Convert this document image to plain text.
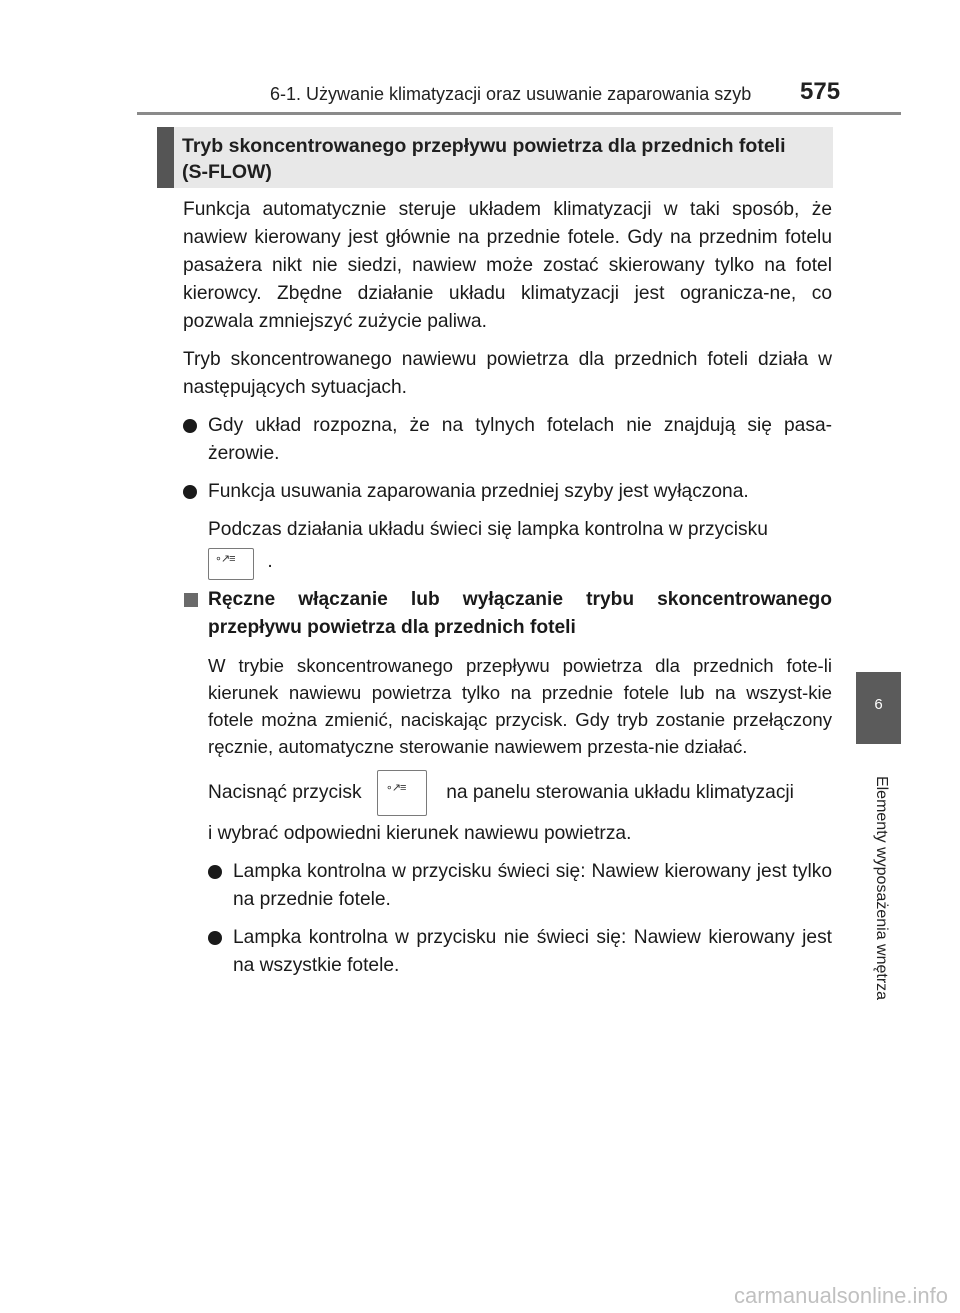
6-1. Używanie klimatyzacji oraz usuwanie zaparowania szyb 575
Tryb skoncentrowanego przepływu powietrza dla przednich foteli
(S-FLOW)

Funkcja automatycznie steruje układem klimatyzacji w taki sposób, że nawiew kierowany jest głównie na przednie fotele. Gdy na przednim fotelu pasażera nikt nie siedzi, nawiew może zostać skierowany tylko na fotel kierowcy. Zbędne działanie układu klimatyzacji jest ogranicza-ne, co pozwala zmniejszyć zużycie paliwa.

Tryb skoncentrowanego nawiewu powietrza dla przednich foteli działa w następujących sytuacjach.

Gdy układ rozpozna, że na tylnych fotelach nie znajdują się pasa-żerowie.
Funkcja usuwania zaparowania przedniej szyby jest wyłączona.

Podczas działania układu świeci się lampka kontrolna w przycisku

∘↗≡ .

Ręczne włączanie lub wyłączanie trybu skoncentrowanego przepływu powietrza dla przednich foteli

W trybie skoncentrowanego przepływu powietrza dla przednich fote-li kierunek nawiewu powietrza tylko na przednie fotele lub na wszyst-kie fotele można zmienić, naciskając przycisk. Gdy tryb zostanie przełączony ręcznie, automatyczne sterowanie nawiewem przesta-nie działać.

Nacisnąć przycisk ∘↗≡ na panelu sterowania układu klimatyzacji

i wybrać odpowiedni kierunek nawiewu powietrza.

Lampka kontrolna w przycisku świeci się: Nawiew kierowany jest tylko na przednie fotele.
Lampka kontrolna w przycisku nie świeci się: Nawiew kierowany jest na wszystkie fotele.
6
Elementy wyposażenia wnętrza
carmanualsonline.info
